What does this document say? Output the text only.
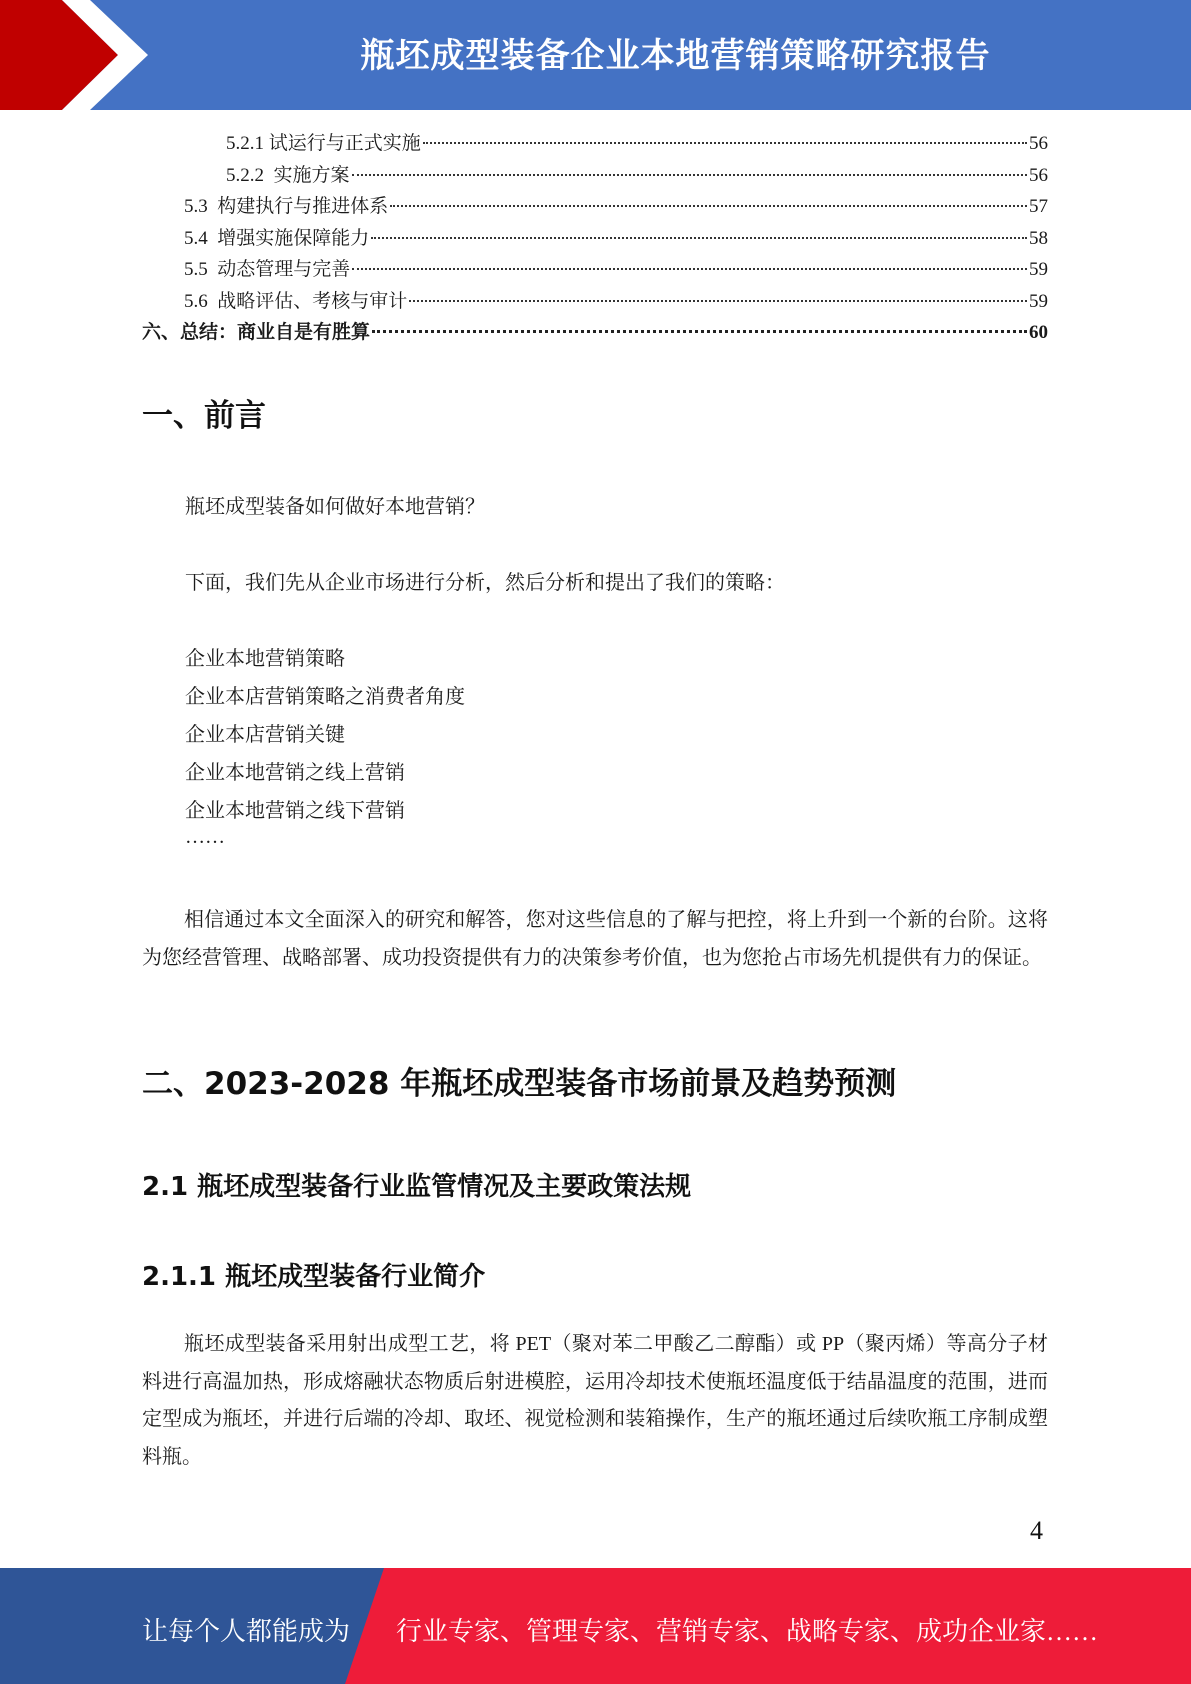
瓶坯成型装备企业本地营销策略研究报告
5.2.1 试运行与正式实施	56
5.2.2  实施方案	56
5.3  构建执行与推进体系	57
5.4  增强实施保障能力	58
5.5  动态管理与完善	59
5.6  战略评估、考核与审计	59
六、总结：商业自是有胜算	60
一、前言
瓶坯成型装备如何做好本地营销？
下面，我们先从企业市场进行分析，然后分析和提出了我们的策略：
企业本地营销策略
企业本店营销策略之消费者角度
企业本店营销关键
企业本地营销之线上营销
企业本地营销之线下营销
……
相信通过本文全面深入的研究和解答，您对这些信息的了解与把控，将上升到一个新的台阶。这将为您经营管理、战略部署、成功投资提供有力的决策参考价值，也为您抢占市场先机提供有力的保证。
二、2023-2028 年瓶坯成型装备市场前景及趋势预测
2.1 瓶坯成型装备行业监管情况及主要政策法规
2.1.1 瓶坯成型装备行业简介
瓶坯成型装备采用射出成型工艺，将 PET（聚对苯二甲酸乙二醇酯）或 PP（聚丙烯）等高分子材料进行高温加热，形成熔融状态物质后射进模腔，运用冷却技术使瓶坯温度低于结晶温度的范围，进而定型成为瓶坯，并进行后端的冷却、取坯、视觉检测和装箱操作，生产的瓶坯通过后续吹瓶工序制成塑料瓶。
4
让每个人都能成为 行业专家、管理专家、营销专家、战略专家、成功企业家……
